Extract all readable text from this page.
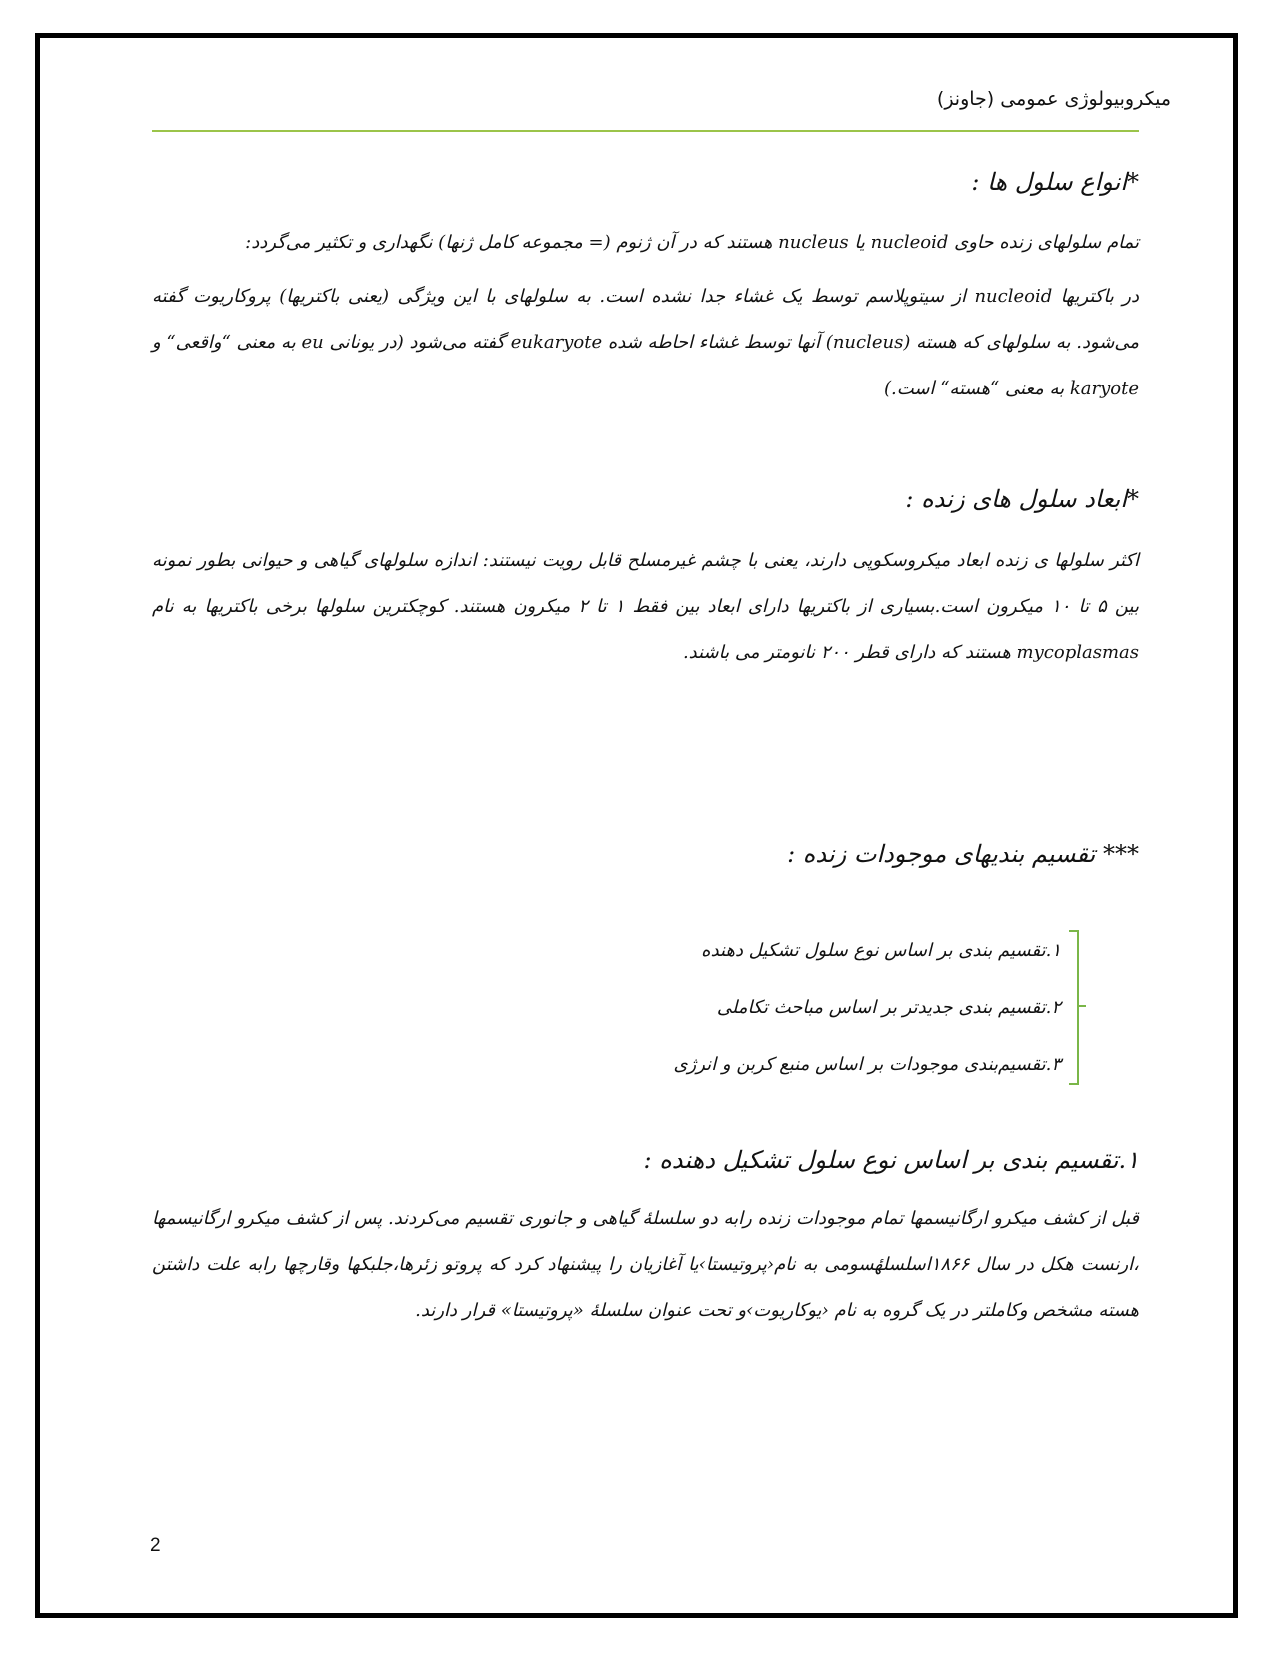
میکروبیولوژی عمومی (جاونز)
*انواع سلول ها :
تمام سلولهای زنده حاوی nucleoid یا nucleus هستند که در آن ژنوم (= مجموعه کامل ژنها) نگهداری و تکثیر می‌گردد:
در باکتریها nucleoid از سیتوپلاسم توسط یک غشاء جدا نشده است. به سلولهای با این ویژگی (یعنی باکتریها) پروکاریوت گفته می‌شود. به سلولهای که هسته (nucleus) آنها توسط غشاء احاطه شده eukaryote گفته می‌شود (در یونانی eu به معنی “واقعی“ و karyote به معنی “هسته“ است.)
*ابعاد سلول های زنده :
اکثر سلولها ی زنده ابعاد میکروسکوپی دارند، یعنی با چشم غیرمسلح قابل رویت نیستند: اندازه سلولهای گیاهی و حیوانی بطور نمونه بین ۵ تا ۱۰ میکرون است.بسیاری از باکتریها دارای ابعاد بین فقط ۱ تا ۲ میکرون هستند. کوچکترین سلولها برخی باکتریها به نام mycoplasmas هستند که دارای قطر ۲۰۰ نانومتر می باشند.
*** تقسیم بندیهای موجودات زنده :
۱.تقسیم بندی بر اساس نوع سلول تشکیل دهنده
۲.تقسیم بندی جدیدتر بر اساس مباحث تکاملی
۳.تقسیم‌بندی موجودات بر اساس منبع کربن و انرژی
۱.تقسیم بندی بر اساس نوع سلول تشکیل دهنده :
قبل از کشف میکرو ارگانیسمها تمام موجودات زنده رابه دو سلسلهٔ گیاهی و جانوری تقسیم می‌کردند. پس از کشف میکرو ارگانیسمها ،ارنست هکل در سال ۱۸۶۶اسلسلهٔسومی به نام‹پروتیستا›یا آغازیان را پیشنهاد کرد که پروتو زئرها،جلبکها وقارچها رابه علت داشتن هسته مشخص وکاملتر در یک گروه به نام ‹یوکاریوت›و تحت عنوان سلسلهٔ «پروتیستا» قرار دارند.
2
